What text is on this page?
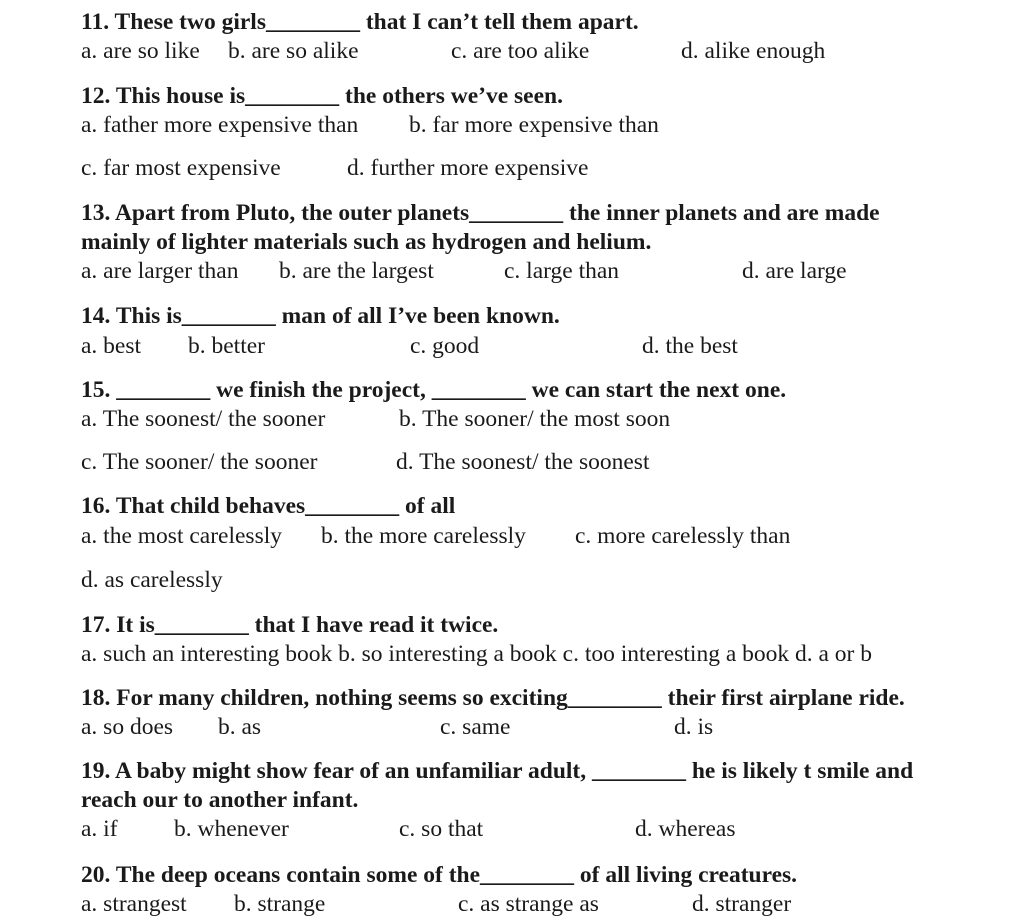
11. These two girls________ that I can’t tell them apart.
a. are so like b. are so alike	c. are too alike	d. alike enough
12. This house is________ the others we’ve seen.
a. father more expensive than b. far more expensive than
c. far most expensive	d. further more expensive
13. Apart from Pluto, the outer planets________ the inner planets and are made
mainly of lighter materials such as hydrogen and helium.
a. are larger than b. are the largest	c. large than	d. are large
14. This is________ man of all I’ve been known.
a. best b. better	c. good	d. the best
15. ________ we finish the project, ________ we can start the next one.
a. The soonest/ the sooner	b. The sooner/ the most soon
c. The sooner/ the sooner	d. The soonest/ the soonest
16. That child behaves________ of all
a. the most carelessly b. the more carelessly c. more carelessly than
d. as carelessly
17. It is________ that I have read it twice.
a. such an interesting book b. so interesting a book c. too interesting a book d. a or b
18. For many children, nothing seems so exciting________ their first airplane ride.
a. so does b. as	c. same	d. is
19. A baby might show fear of an unfamiliar adult, ________ he is likely t smile and
reach our to another infant.
a. if b. whenever	c. so that	d. whereas
20. The deep oceans contain some of the________ of all living creatures.
a. strangest b. strange	c. as strange as	d. stranger
